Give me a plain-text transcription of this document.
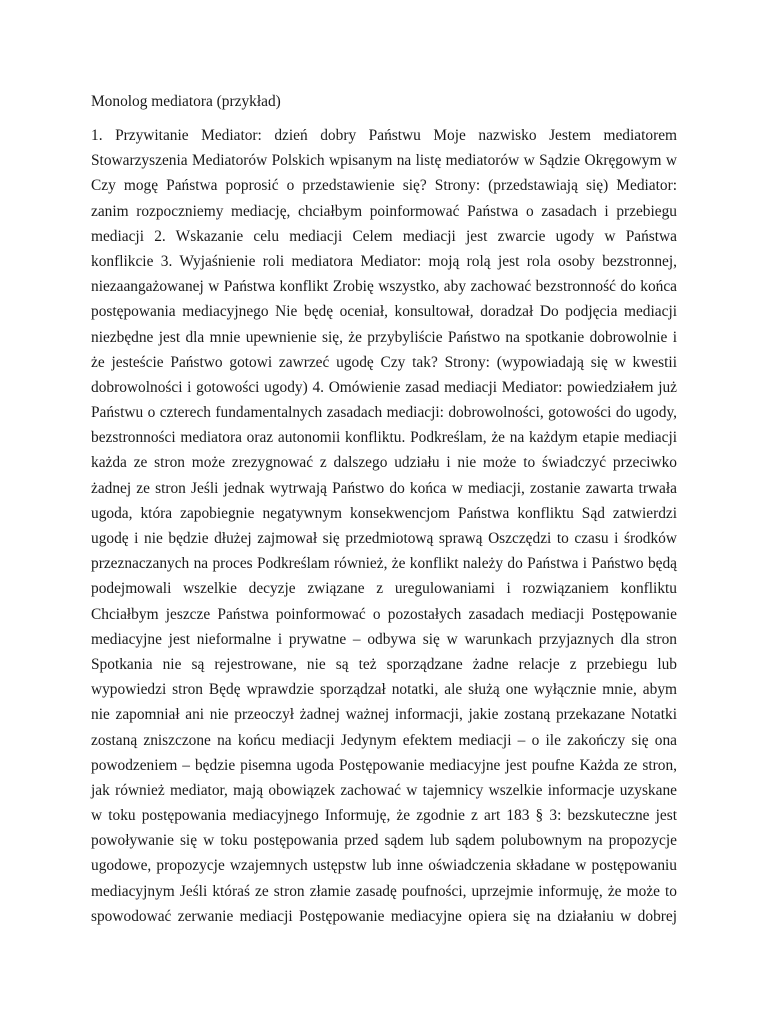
Monolog mediatora (przykład)
1. Przywitanie Mediator: dzień dobry Państwu Moje nazwisko Jestem mediatorem
Stowarzyszenia Mediatorów Polskich wpisanym na listę mediatorów w Sądzie Okręgowym w
Czy mogę Państwa poprosić o przedstawienie się? Strony: (przedstawiają się) Mediator:
zanim rozpoczniemy mediację, chciałbym poinformować Państwa o zasadach i przebiegu
mediacji 2. Wskazanie celu mediacji Celem mediacji jest zwarcie ugody w Państwa
konflikcie 3. Wyjaśnienie roli mediatora Mediator: moją rolą jest rola osoby bezstronnej,
niezaangażowanej w Państwa konflikt Zrobię wszystko, aby zachować bezstronność do końca
postępowania mediacyjnego Nie będę oceniał, konsultował, doradzał Do podjęcia mediacji
niezbędne jest dla mnie upewnienie się, że przybyliście Państwo na spotkanie dobrowolnie i
że jesteście Państwo gotowi zawrzeć ugodę Czy tak? Strony: (wypowiadają się w kwestii
dobrowolności i gotowości ugody) 4. Omówienie zasad mediacji Mediator: powiedziałem już
Państwu o czterech fundamentalnych zasadach mediacji: dobrowolności, gotowości do ugody,
bezstronności mediatora oraz autonomii konfliktu. Podkreślam, że na każdym etapie mediacji
każda ze stron może zrezygnować z dalszego udziału i nie może to świadczyć przeciwko
żadnej ze stron Jeśli jednak wytrwają Państwo do końca w mediacji, zostanie zawarta trwała
ugoda, która zapobiegnie negatywnym konsekwencjom Państwa konfliktu Sąd zatwierdzi
ugodę i nie będzie dłużej zajmował się przedmiotową sprawą Oszczędzi to czasu i środków
przeznaczanych na proces Podkreślam również, że konflikt należy do Państwa i Państwo będą
podejmowali wszelkie decyzje związane z uregulowaniami i rozwiązaniem konfliktu
Chciałbym jeszcze Państwa poinformować o pozostałych zasadach mediacji Postępowanie
mediacyjne jest nieformalne i prywatne – odbywa się w warunkach przyjaznych dla stron
Spotkania nie są rejestrowane, nie są też sporządzane żadne relacje z przebiegu lub
wypowiedzi stron Będę wprawdzie sporządzał notatki, ale służą one wyłącznie mnie, abym
nie zapomniał ani nie przeoczył żadnej ważnej informacji, jakie zostaną przekazane Notatki
zostaną zniszczone na końcu mediacji Jedynym efektem mediacji – o ile zakończy się ona
powodzeniem – będzie pisemna ugoda Postępowanie mediacyjne jest poufne Każda ze stron,
jak również mediator, mają obowiązek zachować w tajemnicy wszelkie informacje uzyskane
w toku postępowania mediacyjnego Informuję, że zgodnie z art 183 § 3: bezskuteczne jest
powoływanie się w toku postępowania przed sądem lub sądem polubownym na propozycje
ugodowe, propozycje wzajemnych ustępstw lub inne oświadczenia składane w postępowaniu
mediacyjnym Jeśli któraś ze stron złamie zasadę poufności, uprzejmie informuję, że może to
spowodować zerwanie mediacji Postępowanie mediacyjne opiera się na działaniu w dobrej
